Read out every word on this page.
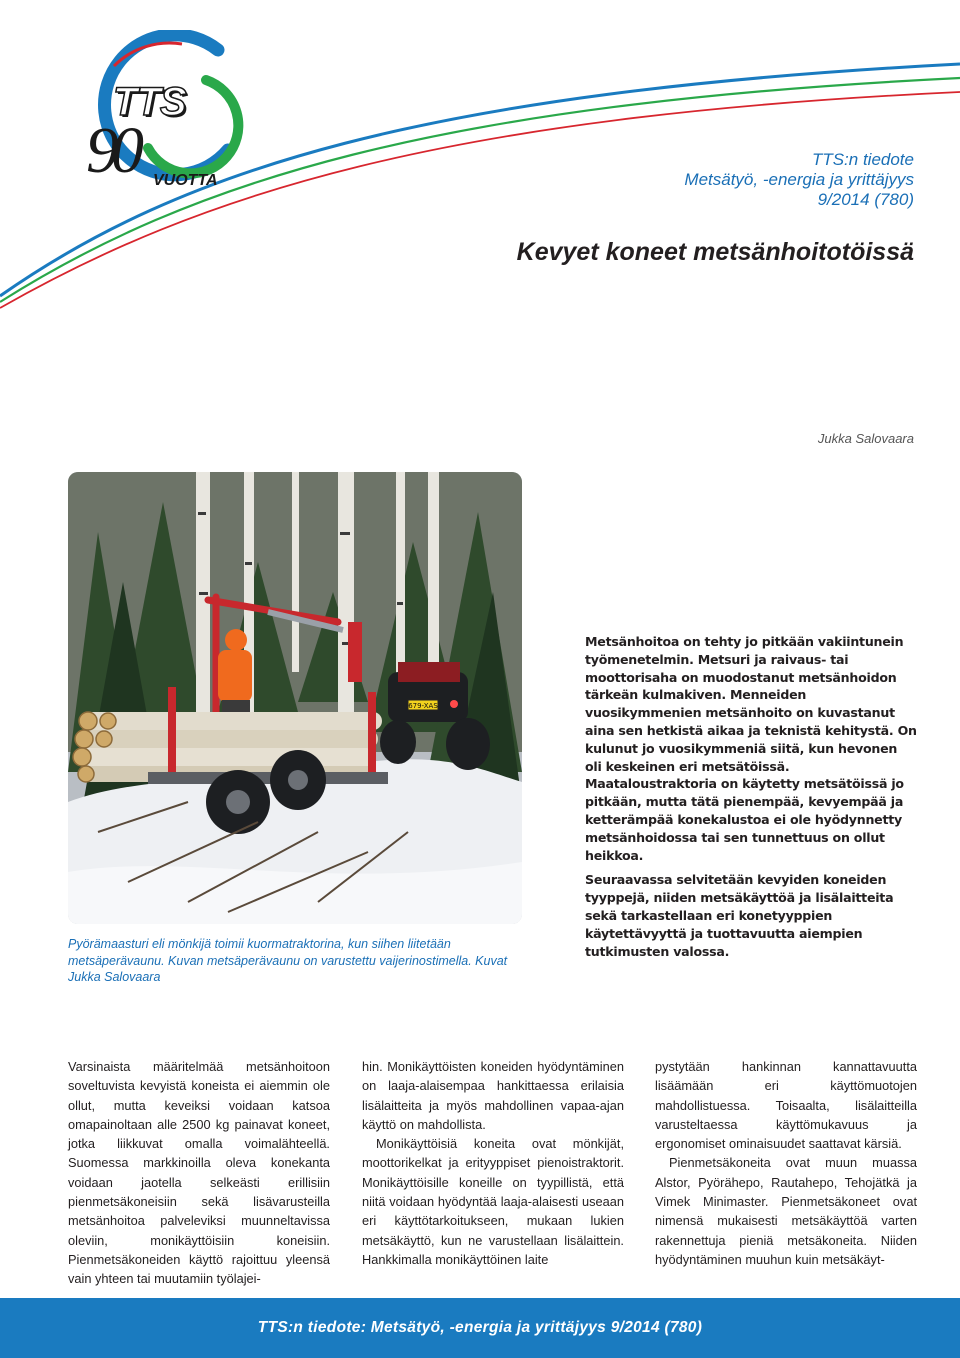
TTS
90 VUOTTA
TTS:n tiedote
Metsätyö, -energia ja yrittäjyys
9/2014 (780)
Kevyet koneet metsänhoitotöissä
Jukka Salovaara
679-XAS
Pyörämaasturi eli mönkijä toimii kuormatraktorina, kun siihen liitetään metsäperävaunu. Kuvan metsäperävaunu on varustettu vaijerinostimella. Kuvat Jukka Salovaara

Metsänhoitoa on tehty jo pitkään vakiintunein työmenetelmin. Metsuri ja raivaus- tai moottorisaha on muodostanut metsänhoidon tärkeän kulmakiven. Menneiden vuosikymmenien metsänhoito on kuvastanut aina sen hetkistä aikaa ja teknistä kehitystä. On kulunut jo vuosikymmeniä siitä, kun hevonen oli keskeinen eri metsätöissä. Maataloustraktoria on käytetty metsätöissä jo pitkään, mutta tätä pienempää, kevyempää ja ketterämpää konekalustoa ei ole hyödynnetty metsänhoidossa tai sen tunnettuus on ollut heikkoa.

Seuraavassa selvitetään kevyiden koneiden tyyppejä, niiden metsäkäyttöä ja lisälaitteita sekä tarkastellaan eri konetyyppien käytettävyyttä ja tuottavuutta aiempien tutkimusten valossa.

Varsinaista määritelmää metsänhoitoon soveltuvista kevyistä koneista ei aiemmin ole ollut, mutta keveiksi voidaan katsoa omapainoltaan alle 2500 kg painavat koneet, jotka liikkuvat omalla voimalähteellä. Suomessa markkinoilla oleva konekanta voidaan jaotella selkeästi erillisiin pienmetsäkoneisiin sekä lisävarusteilla metsänhoitoa palveleviksi muunneltavissa oleviin, monikäyttöisiin koneisiin. Pienmetsäkoneiden käyttö rajoittuu yleensä vain yhteen tai muutamiin työlajei-

hin. Monikäyttöisten koneiden hyödyntäminen on laaja-alaisempaa hankittaessa erilaisia lisälaitteita ja myös mahdollinen vapaa-ajan käyttö on mahdollista.

Monikäyttöisiä koneita ovat mönkijät, moottorikelkat ja erityyppiset pienoistraktorit. Monikäyttöisille koneille on tyypillistä, että niitä voidaan hyödyntää laaja-alaisesti useaan eri käyttötarkoitukseen, mukaan lukien metsäkäyttö, kun ne varustellaan lisälaittein. Hankkimalla monikäyttöinen laite

pystytään hankinnan kannattavuutta lisäämään eri käyttömuotojen mahdollistuessa. Toisaalta, lisälaitteilla varusteltaessa käyttömukavuus ja ergonomiset ominaisuudet saattavat kärsiä.

Pienmetsäkoneita ovat muun muassa Alstor, Pyörähepo, Rautahepo, Tehojätkä ja Vimek Minimaster. Pienmetsäkoneet ovat nimensä mukaisesti metsäkäyttöä varten rakennettuja pieniä metsäkoneita. Niiden hyödyntäminen muuhun kuin metsäkäyt-

TTS:n tiedote: Metsätyö, -energia ja yrittäjyys 9/2014 (780)
